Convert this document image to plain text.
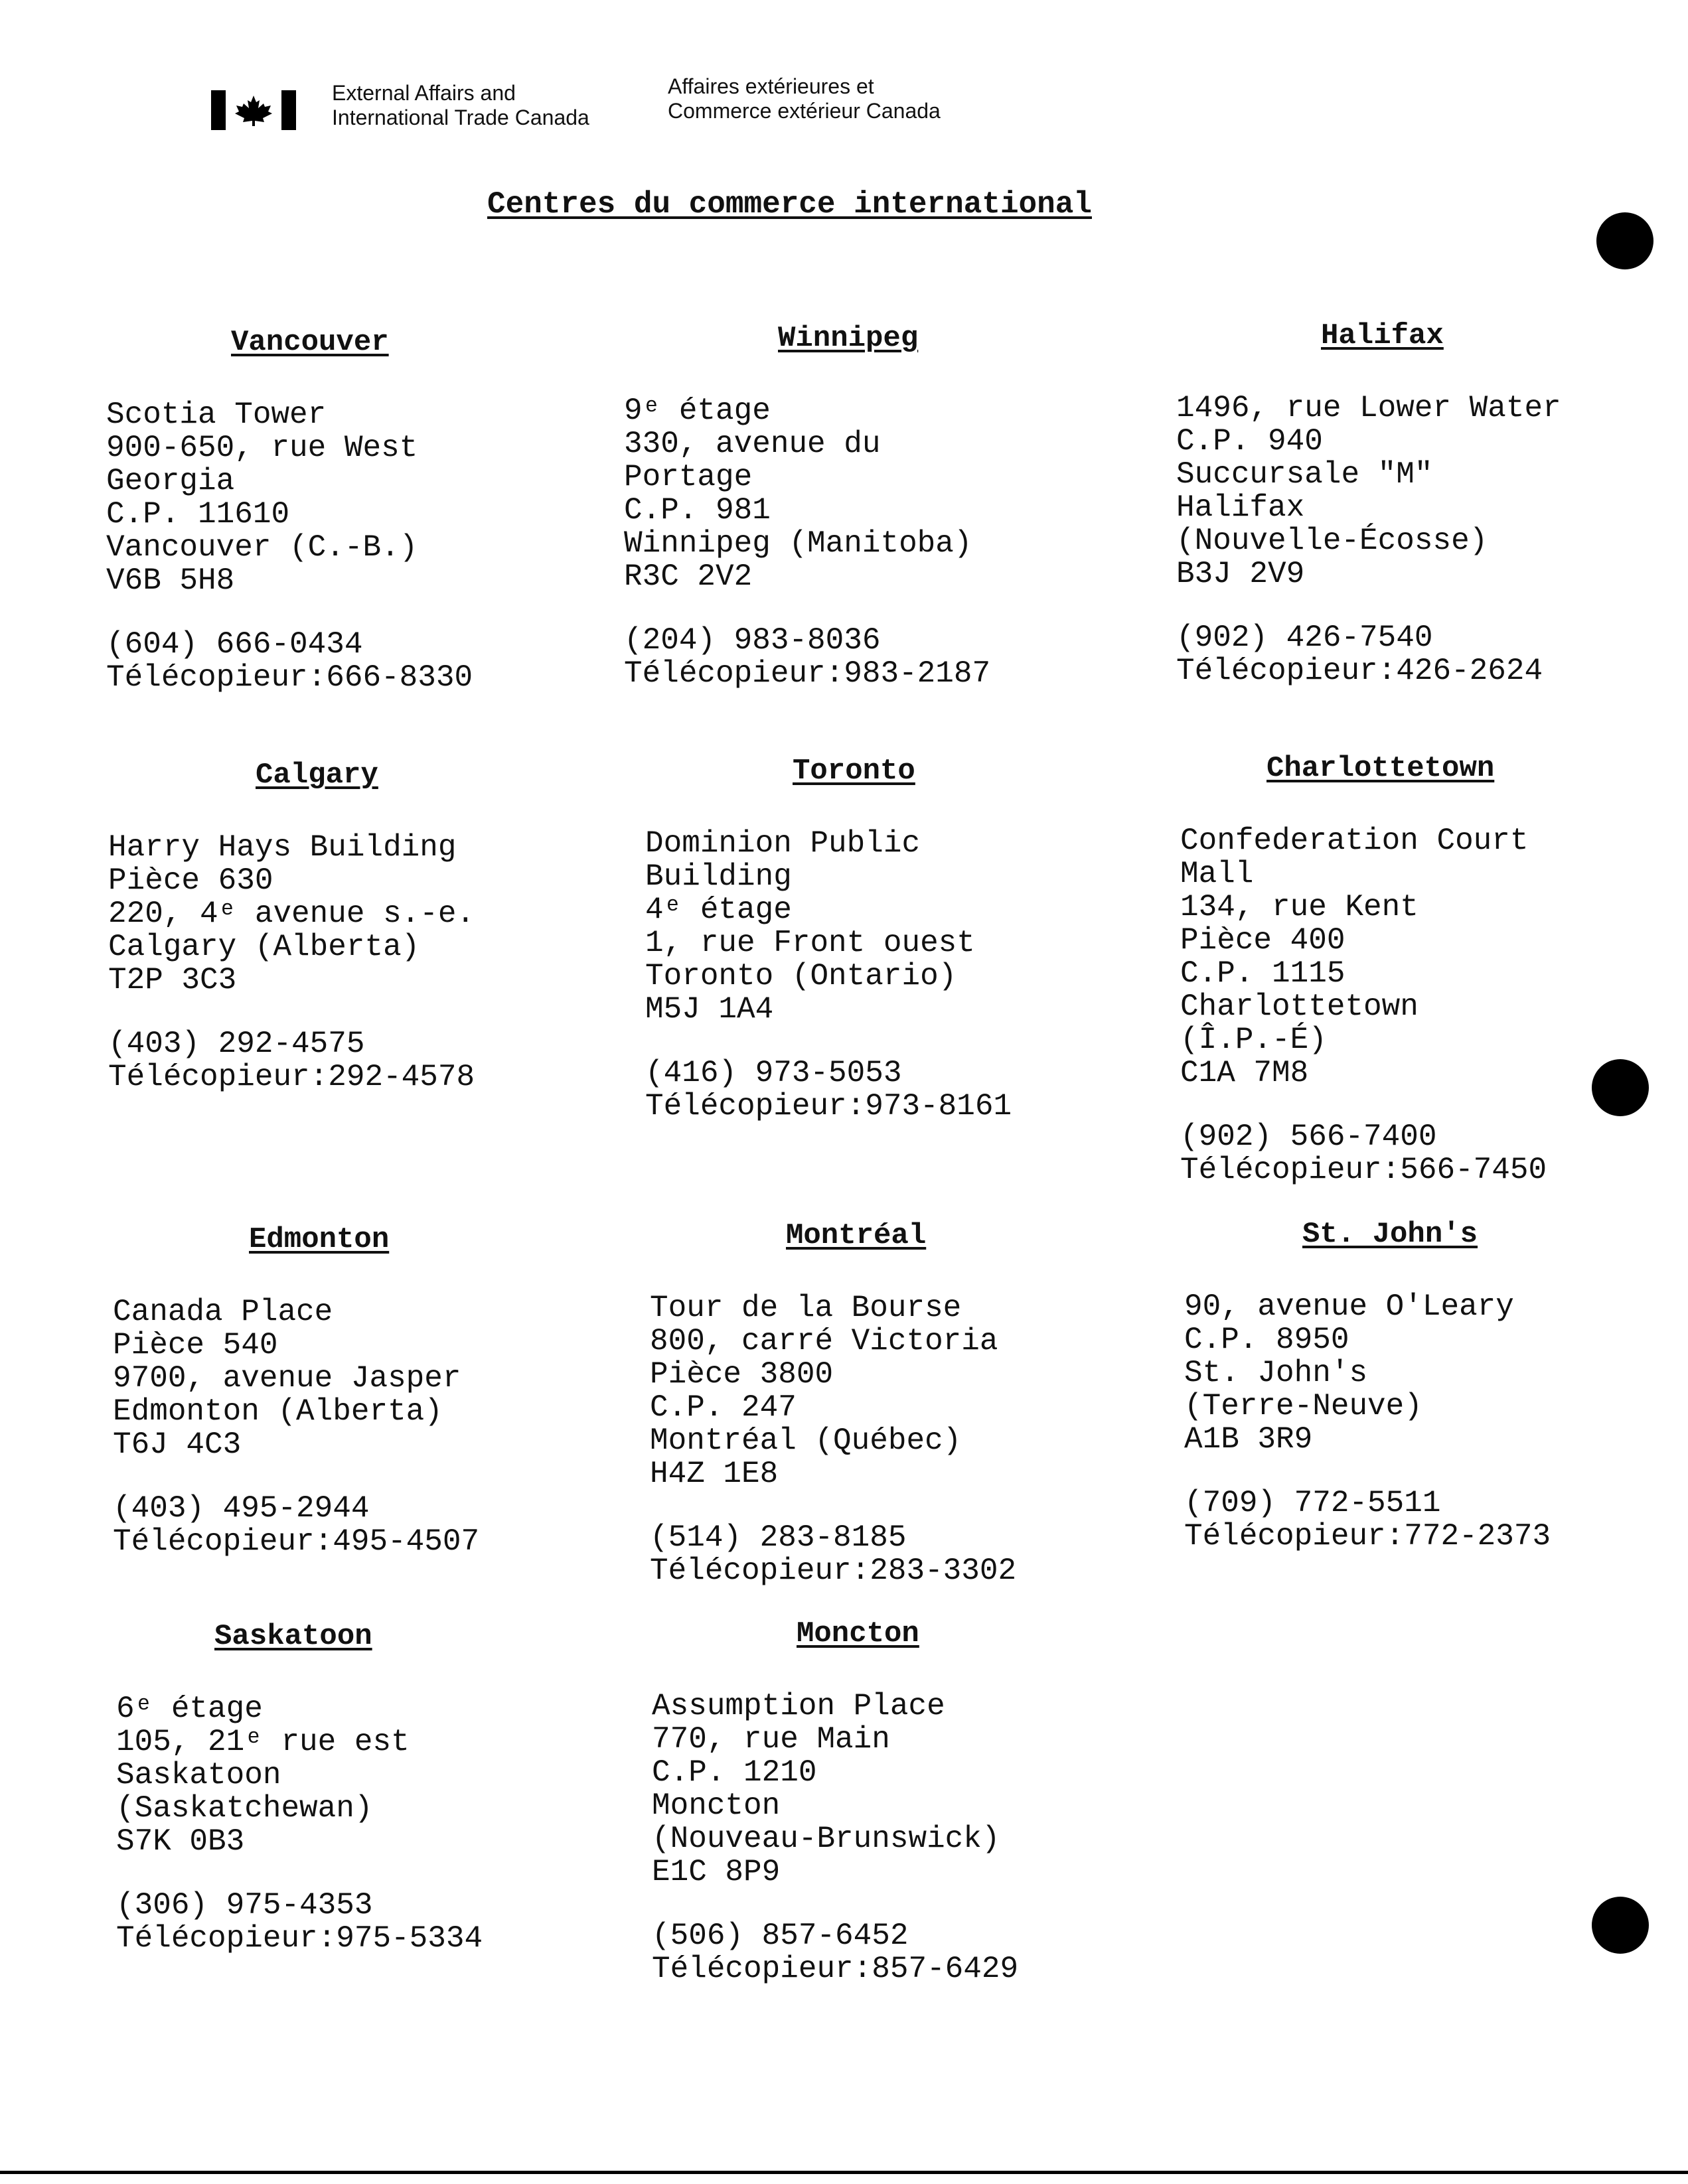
External Affairs and
International Trade Canada
Affaires extérieures et
Commerce extérieur Canada
Centres du commerce international
Vancouver
Scotia Tower
900-650, rue West
Georgia
C.P. 11610
Vancouver (C.-B.)
V6B 5H8
(604) 666-0434
Télécopieur:666-8330
Winnipeg
9ᵉ étage
330, avenue du
Portage
C.P. 981
Winnipeg (Manitoba)
R3C 2V2
(204) 983-8036
Télécopieur:983-2187
Halifax
1496, rue Lower Water
C.P. 940
Succursale "M"
Halifax
(Nouvelle-Écosse)
B3J 2V9
(902) 426-7540
Télécopieur:426-2624
Calgary
Harry Hays Building
Pièce 630
220, 4ᵉ avenue s.-e.
Calgary (Alberta)
T2P 3C3
(403) 292-4575
Télécopieur:292-4578
Toronto
Dominion Public
Building
4ᵉ étage
1, rue Front ouest
Toronto (Ontario)
M5J 1A4
(416) 973-5053
Télécopieur:973-8161
Charlottetown
Confederation Court
Mall
134, rue Kent
Pièce 400
C.P. 1115
Charlottetown
(Î.P.-É)
C1A 7M8
(902) 566-7400
Télécopieur:566-7450
Edmonton
Canada Place
Pièce 540
9700, avenue Jasper
Edmonton (Alberta)
T6J 4C3
(403) 495-2944
Télécopieur:495-4507
Montréal
Tour de la Bourse
800, carré Victoria
Pièce 3800
C.P. 247
Montréal (Québec)
H4Z 1E8
(514) 283-8185
Télécopieur:283-3302
St. John's
90, avenue O'Leary
C.P. 8950
St. John's
(Terre-Neuve)
A1B 3R9
(709) 772-5511
Télécopieur:772-2373
Saskatoon
6ᵉ étage
105, 21ᵉ rue est
Saskatoon
(Saskatchewan)
S7K 0B3
(306) 975-4353
Télécopieur:975-5334
Moncton
Assumption Place
770, rue Main
C.P. 1210
Moncton
(Nouveau-Brunswick)
E1C 8P9
(506) 857-6452
Télécopieur:857-6429
